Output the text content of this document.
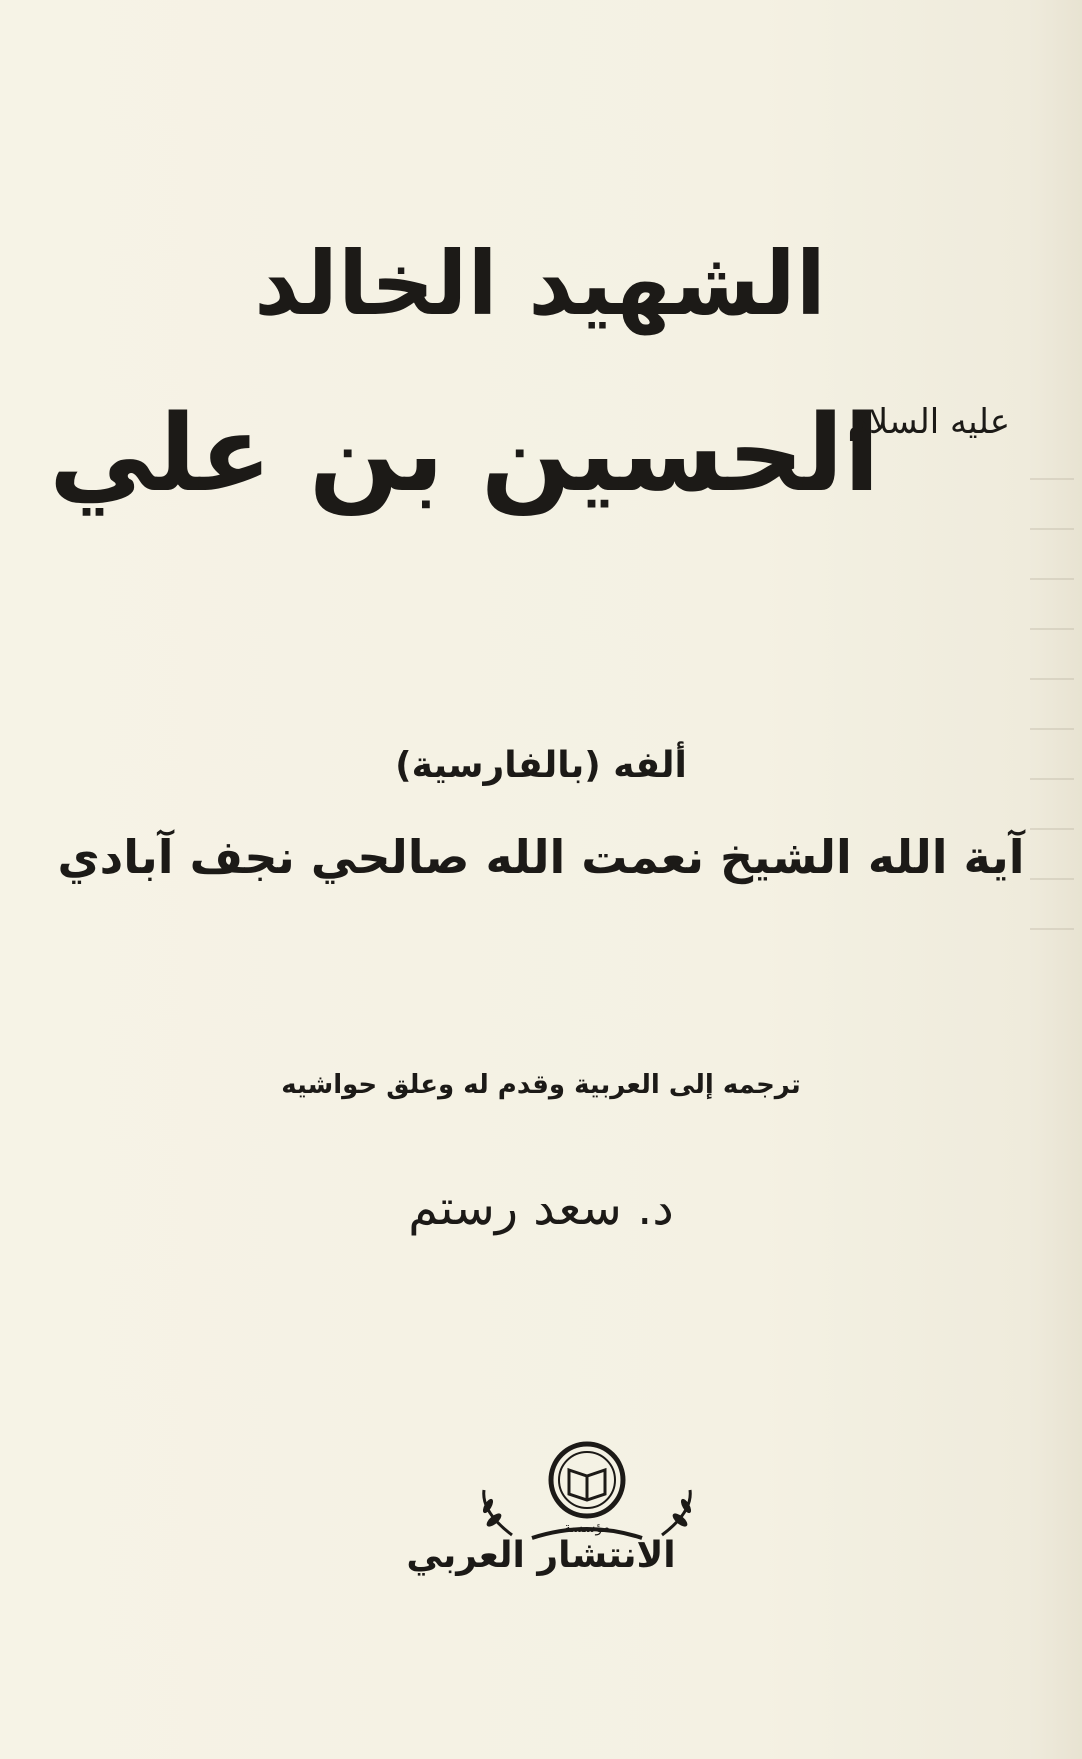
الشهيد الخالد
الحسين بن علي
عليه السلام
ألفه (بالفارسية)
آية الله الشيخ نعمت الله صالحي نجف آبادي
ترجمه إلى العربية وقدم له وعلق حواشيه
د. سعد رستم
مؤسسة
الانتشار العربي
